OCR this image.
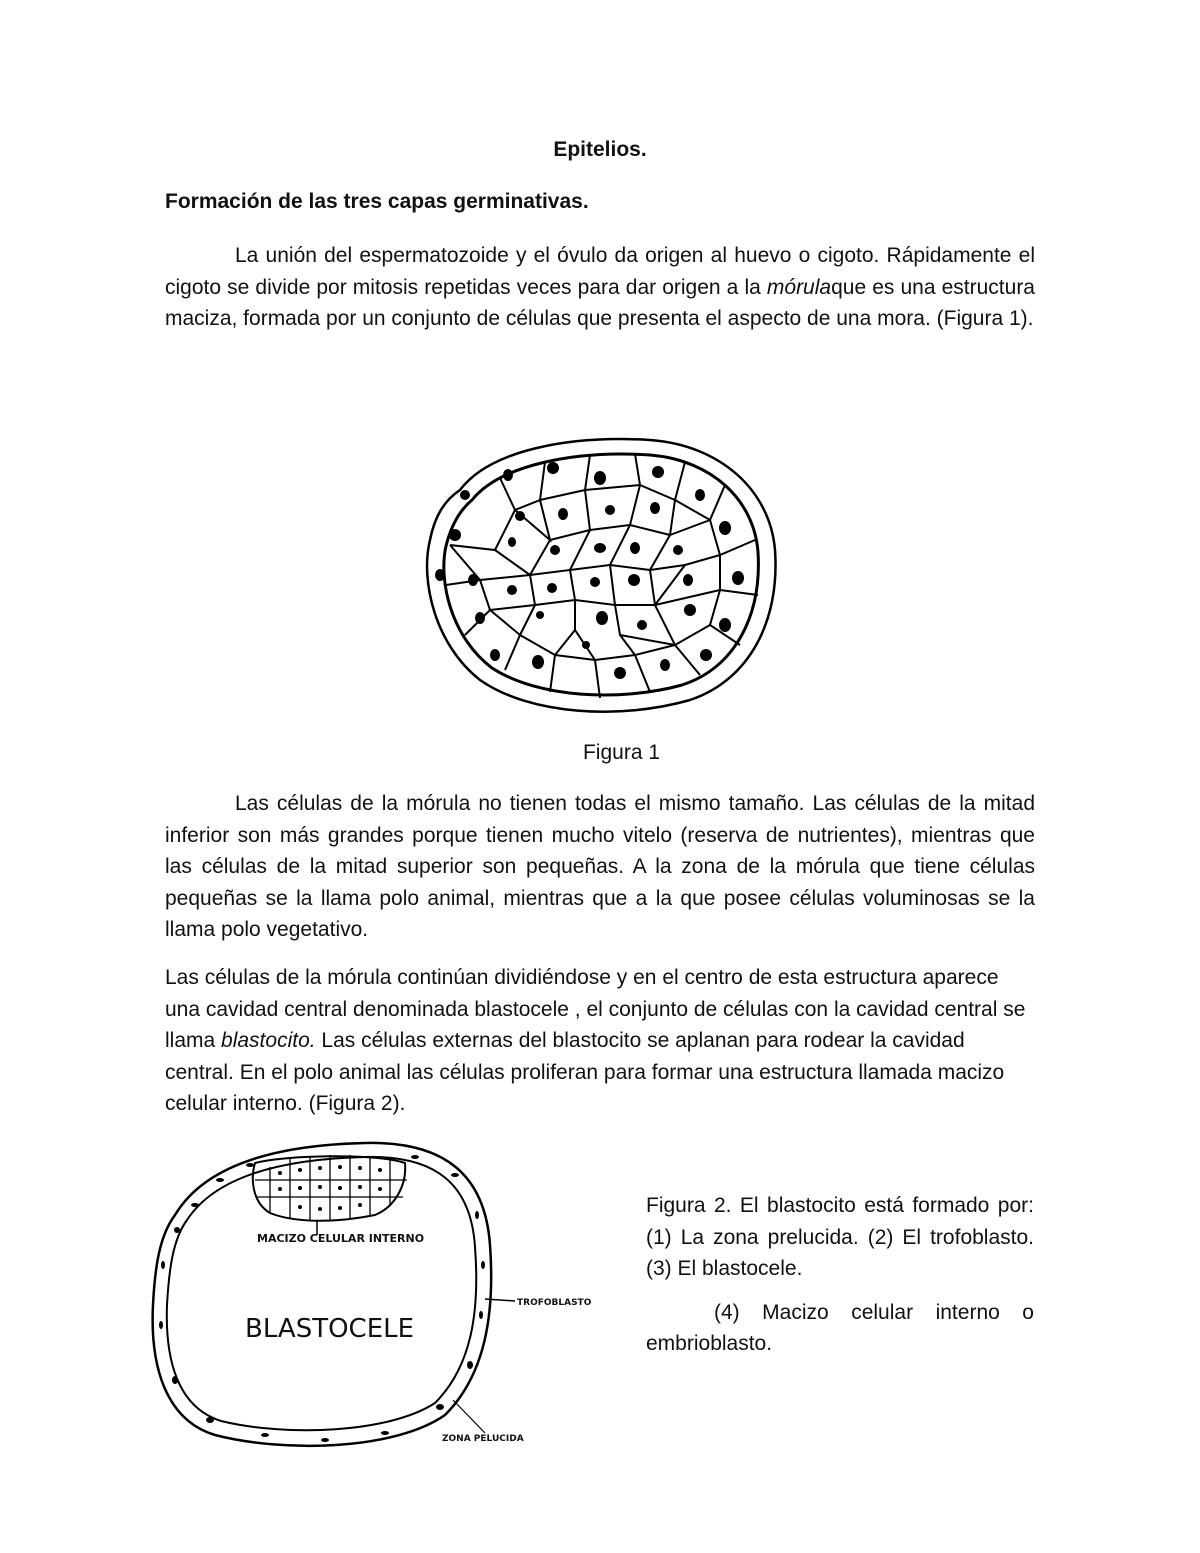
Epitelios.
Formación de las tres capas germinativas.
La unión del espermatozoide y el óvulo da origen al huevo o cigoto. Rápidamente el cigoto se divide por mitosis repetidas veces para dar origen a la mórulaque es una estructura maciza, formada por un conjunto de células que presenta el aspecto de una mora. (Figura 1).
Figura 1
Las células de la mórula no tienen todas el mismo tamaño. Las células de la mitad inferior son más grandes porque tienen mucho vitelo (reserva de nutrientes), mientras que las células de la mitad superior son pequeñas. A la zona de la mórula que tiene células pequeñas se la llama polo animal, mientras que a la que posee células voluminosas se la llama polo vegetativo.
Las células de la mórula continúan dividiéndose y en el centro de esta estructura aparece una cavidad central denominada blastocele , el conjunto de células con la cavidad central se llama blastocito. Las células externas del blastocito se aplanan para rodear la cavidad central. En el polo animal las células proliferan para formar una estructura llamada macizo celular interno. (Figura 2).
MACIZO CELULAR INTERNO
BLASTOCELE
TROFOBLASTO
ZONA PELUCIDA

Figura 2. El blastocito está formado por: (1) La zona prelucida. (2) El trofoblasto. (3) El blastocele.

(4) Macizo celular interno o embrioblasto.
